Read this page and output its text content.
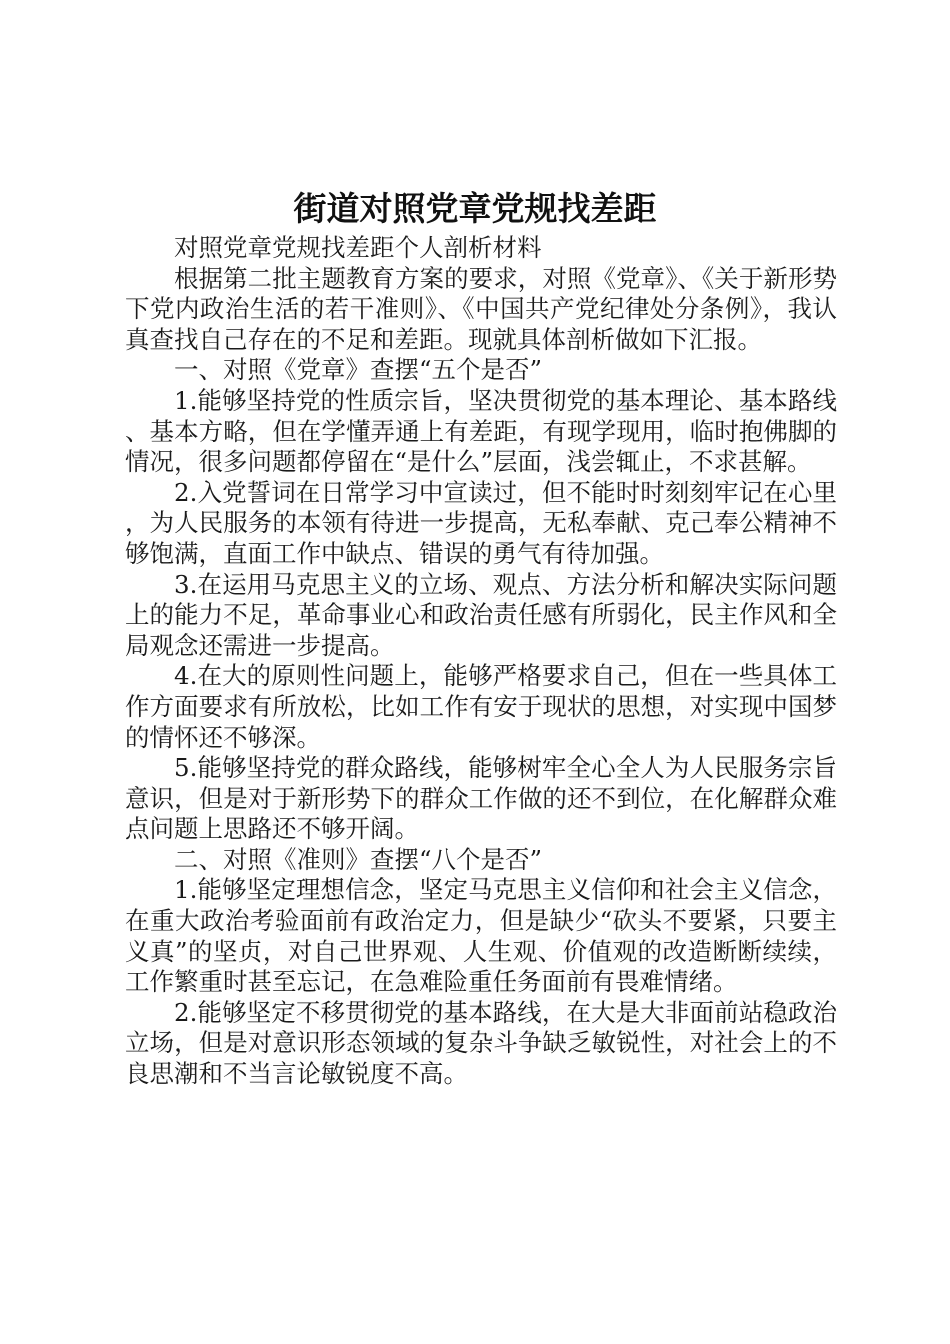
街道对照党章党规找差距

对照党章党规找差距个人剖析材料

根据第二批主题教育方案的要求，对照《党章》、《关于新形势下党内政治生活的若干准则》、《中国共产党纪律处分条例》，我认真查找自己存在的不足和差距。现就具体剖析做如下汇报。

一、对照《党章》查摆“五个是否”

1.能够坚持党的性质宗旨，坚决贯彻党的基本理论、基本路线、基本方略，但在学懂弄通上有差距，有现学现用，临时抱佛脚的情况，很多问题都停留在“是什么”层面，浅尝辄止，不求甚解。

2.入党誓词在日常学习中宣读过，但不能时时刻刻牢记在心里，为人民服务的本领有待进一步提高，无私奉献、克己奉公精神不够饱满，直面工作中缺点、错误的勇气有待加强。

3.在运用马克思主义的立场、观点、方法分析和解决实际问题上的能力不足，革命事业心和政治责任感有所弱化，民主作风和全局观念还需进一步提高。

4.在大的原则性问题上，能够严格要求自己，但在一些具体工作方面要求有所放松，比如工作有安于现状的思想，对实现中国梦的情怀还不够深。

5.能够坚持党的群众路线，能够树牢全心全人为人民服务宗旨意识，但是对于新形势下的群众工作做的还不到位，在化解群众难点问题上思路还不够开阔。

二、对照《准则》查摆“八个是否”

1.能够坚定理想信念，坚定马克思主义信仰和社会主义信念，在重大政治考验面前有政治定力，但是缺少“砍头不要紧，只要主义真”的坚贞，对自己世界观、人生观、价值观的改造断断续续，工作繁重时甚至忘记，在急难险重任务面前有畏难情绪。

2.能够坚定不移贯彻党的基本路线，在大是大非面前站稳政治立场，但是对意识形态领域的复杂斗争缺乏敏锐性，对社会上的不良思潮和不当言论敏锐度不高。
